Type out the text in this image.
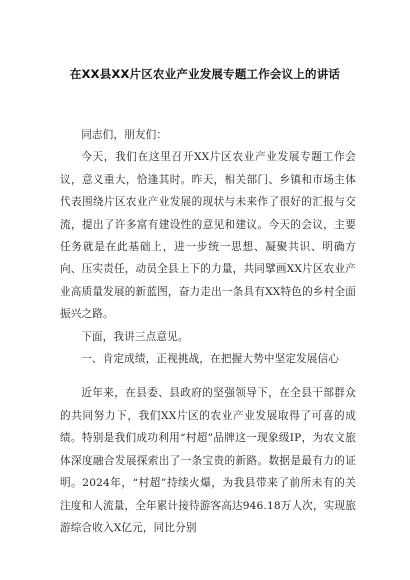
在XX县XX片区农业产业发展专题工作会议上的讲话

同志们，朋友们：

今天，我们在这里召开XX片区农业产业发展专题工作会议，意义重大，恰逢其时。昨天，相关部门、乡镇和市场主体代表围绕片区农业产业发展的现状与未来作了很好的汇报与交流，提出了许多富有建设性的意见和建议。今天的会议，主要任务就是在此基础上，进一步统一思想、凝聚共识、明确方向、压实责任，动员全县上下的力量，共同擘画XX片区农业产业高质量发展的新蓝图，奋力走出一条具有XX特色的乡村全面振兴之路。

下面，我讲三点意见。

一、肯定成绩，正视挑战，在把握大势中坚定发展信心

近年来，在县委、县政府的坚强领导下，在全县干部群众的共同努力下，我们XX片区的农业产业发展取得了可喜的成绩。特别是我们成功利用“村超”品牌这一现象级IP，为农文旅体深度融合发展探索出了一条宝贵的新路。数据是最有力的证明。2024年，“村超”持续火爆，为我县带来了前所未有的关注度和人流量，全年累计接待游客高达946.18万人次，实现旅游综合收入X亿元，同比分别
